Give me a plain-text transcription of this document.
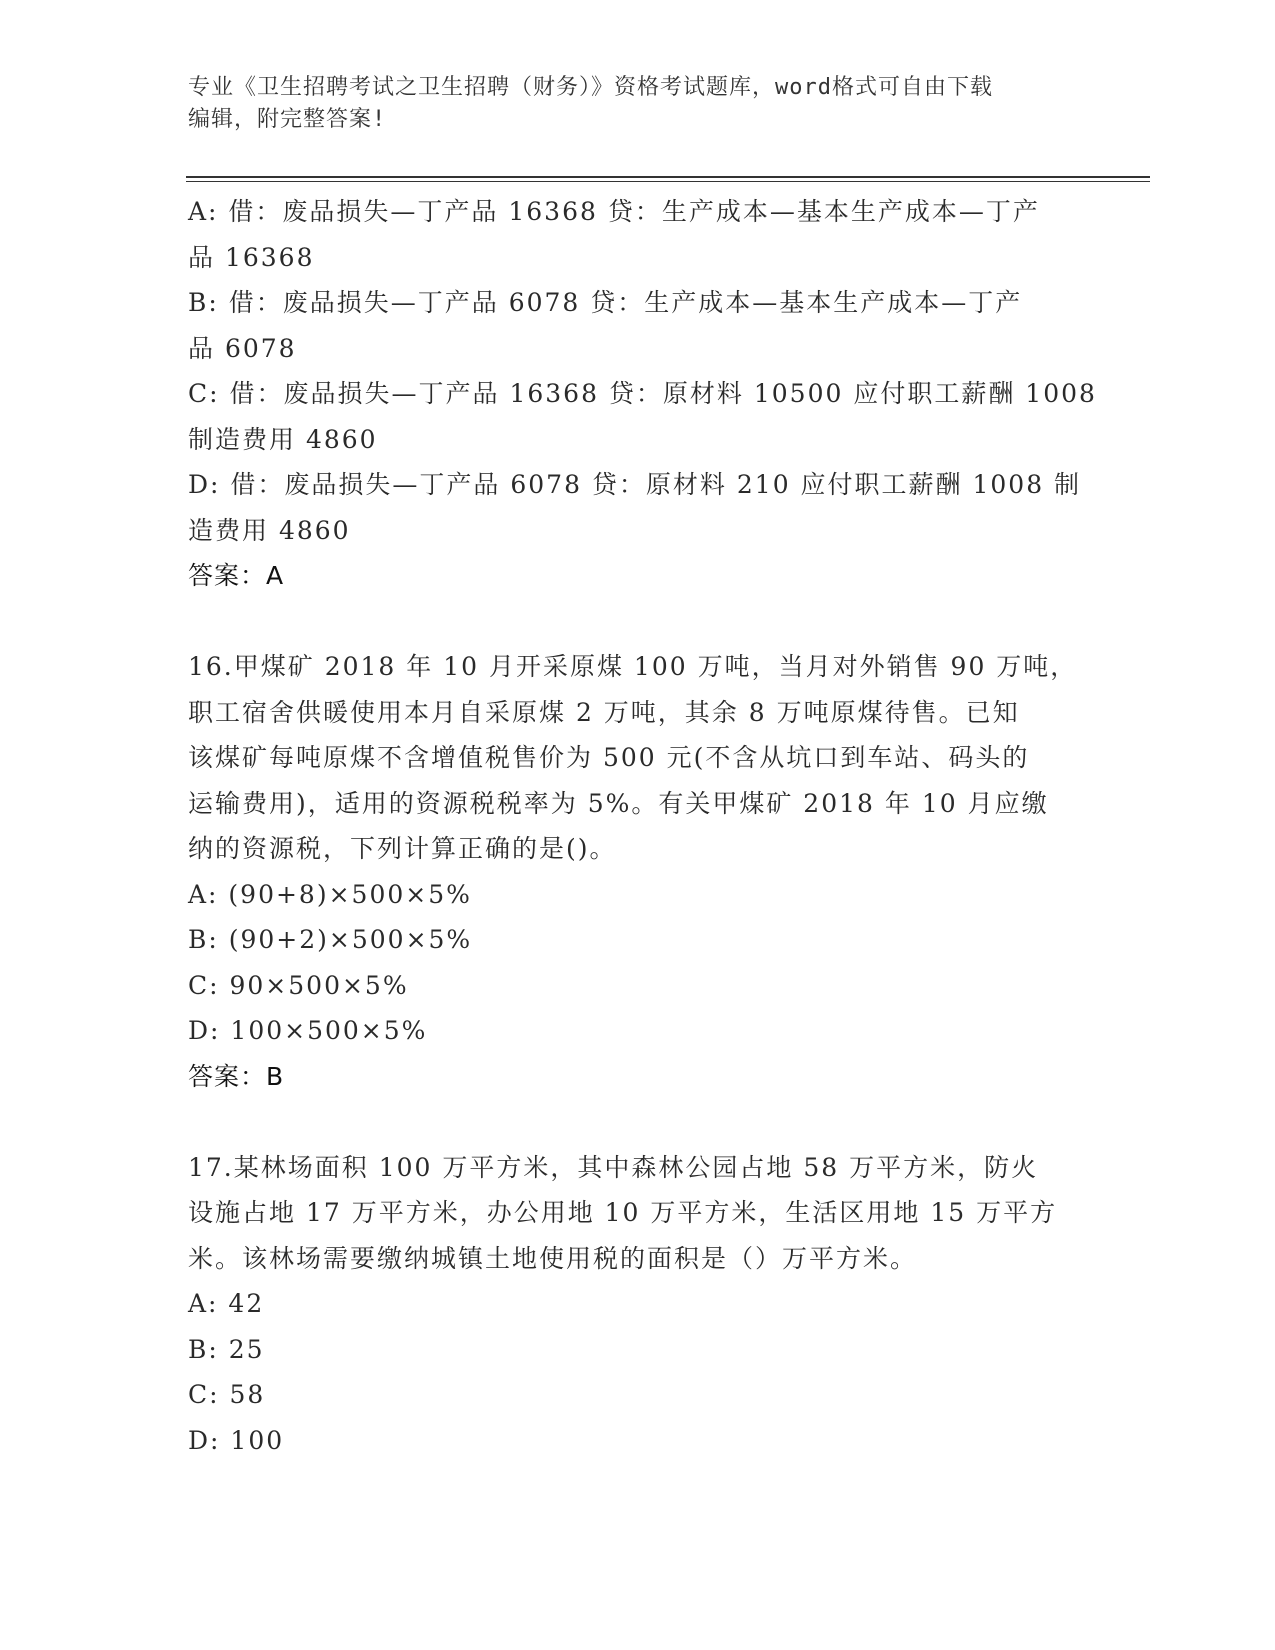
专业《卫生招聘考试之卫生招聘（财务）》资格考试题库，word格式可自由下载
编辑，附完整答案!
A: 借：废品损失—丁产品 16368 贷：生产成本—基本生产成本—丁产
品 16368
B: 借：废品损失—丁产品 6078 贷：生产成本—基本生产成本—丁产
品 6078
C: 借：废品损失—丁产品 16368 贷：原材料 10500 应付职工薪酬 1008
制造费用 4860
D: 借：废品损失—丁产品 6078 贷：原材料 210 应付职工薪酬 1008 制
造费用 4860
答案：A
16.甲煤矿 2018 年 10 月开采原煤 100 万吨，当月对外销售 90 万吨，
职工宿舍供暖使用本月自采原煤 2 万吨，其余 8 万吨原煤待售。已知
该煤矿每吨原煤不含增值税售价为 500 元(不含从坑口到车站、码头的
运输费用)，适用的资源税税率为 5%。有关甲煤矿 2018 年 10 月应缴
纳的资源税，下列计算正确的是()。
A: (90+8)×500×5%
B: (90+2)×500×5%
C: 90×500×5%
D: 100×500×5%
答案：B
17.某林场面积 100 万平方米，其中森林公园占地 58 万平方米，防火
设施占地 17 万平方米，办公用地 10 万平方米，生活区用地 15 万平方
米。该林场需要缴纳城镇土地使用税的面积是（）万平方米。
A: 42
B: 25
C: 58
D: 100
